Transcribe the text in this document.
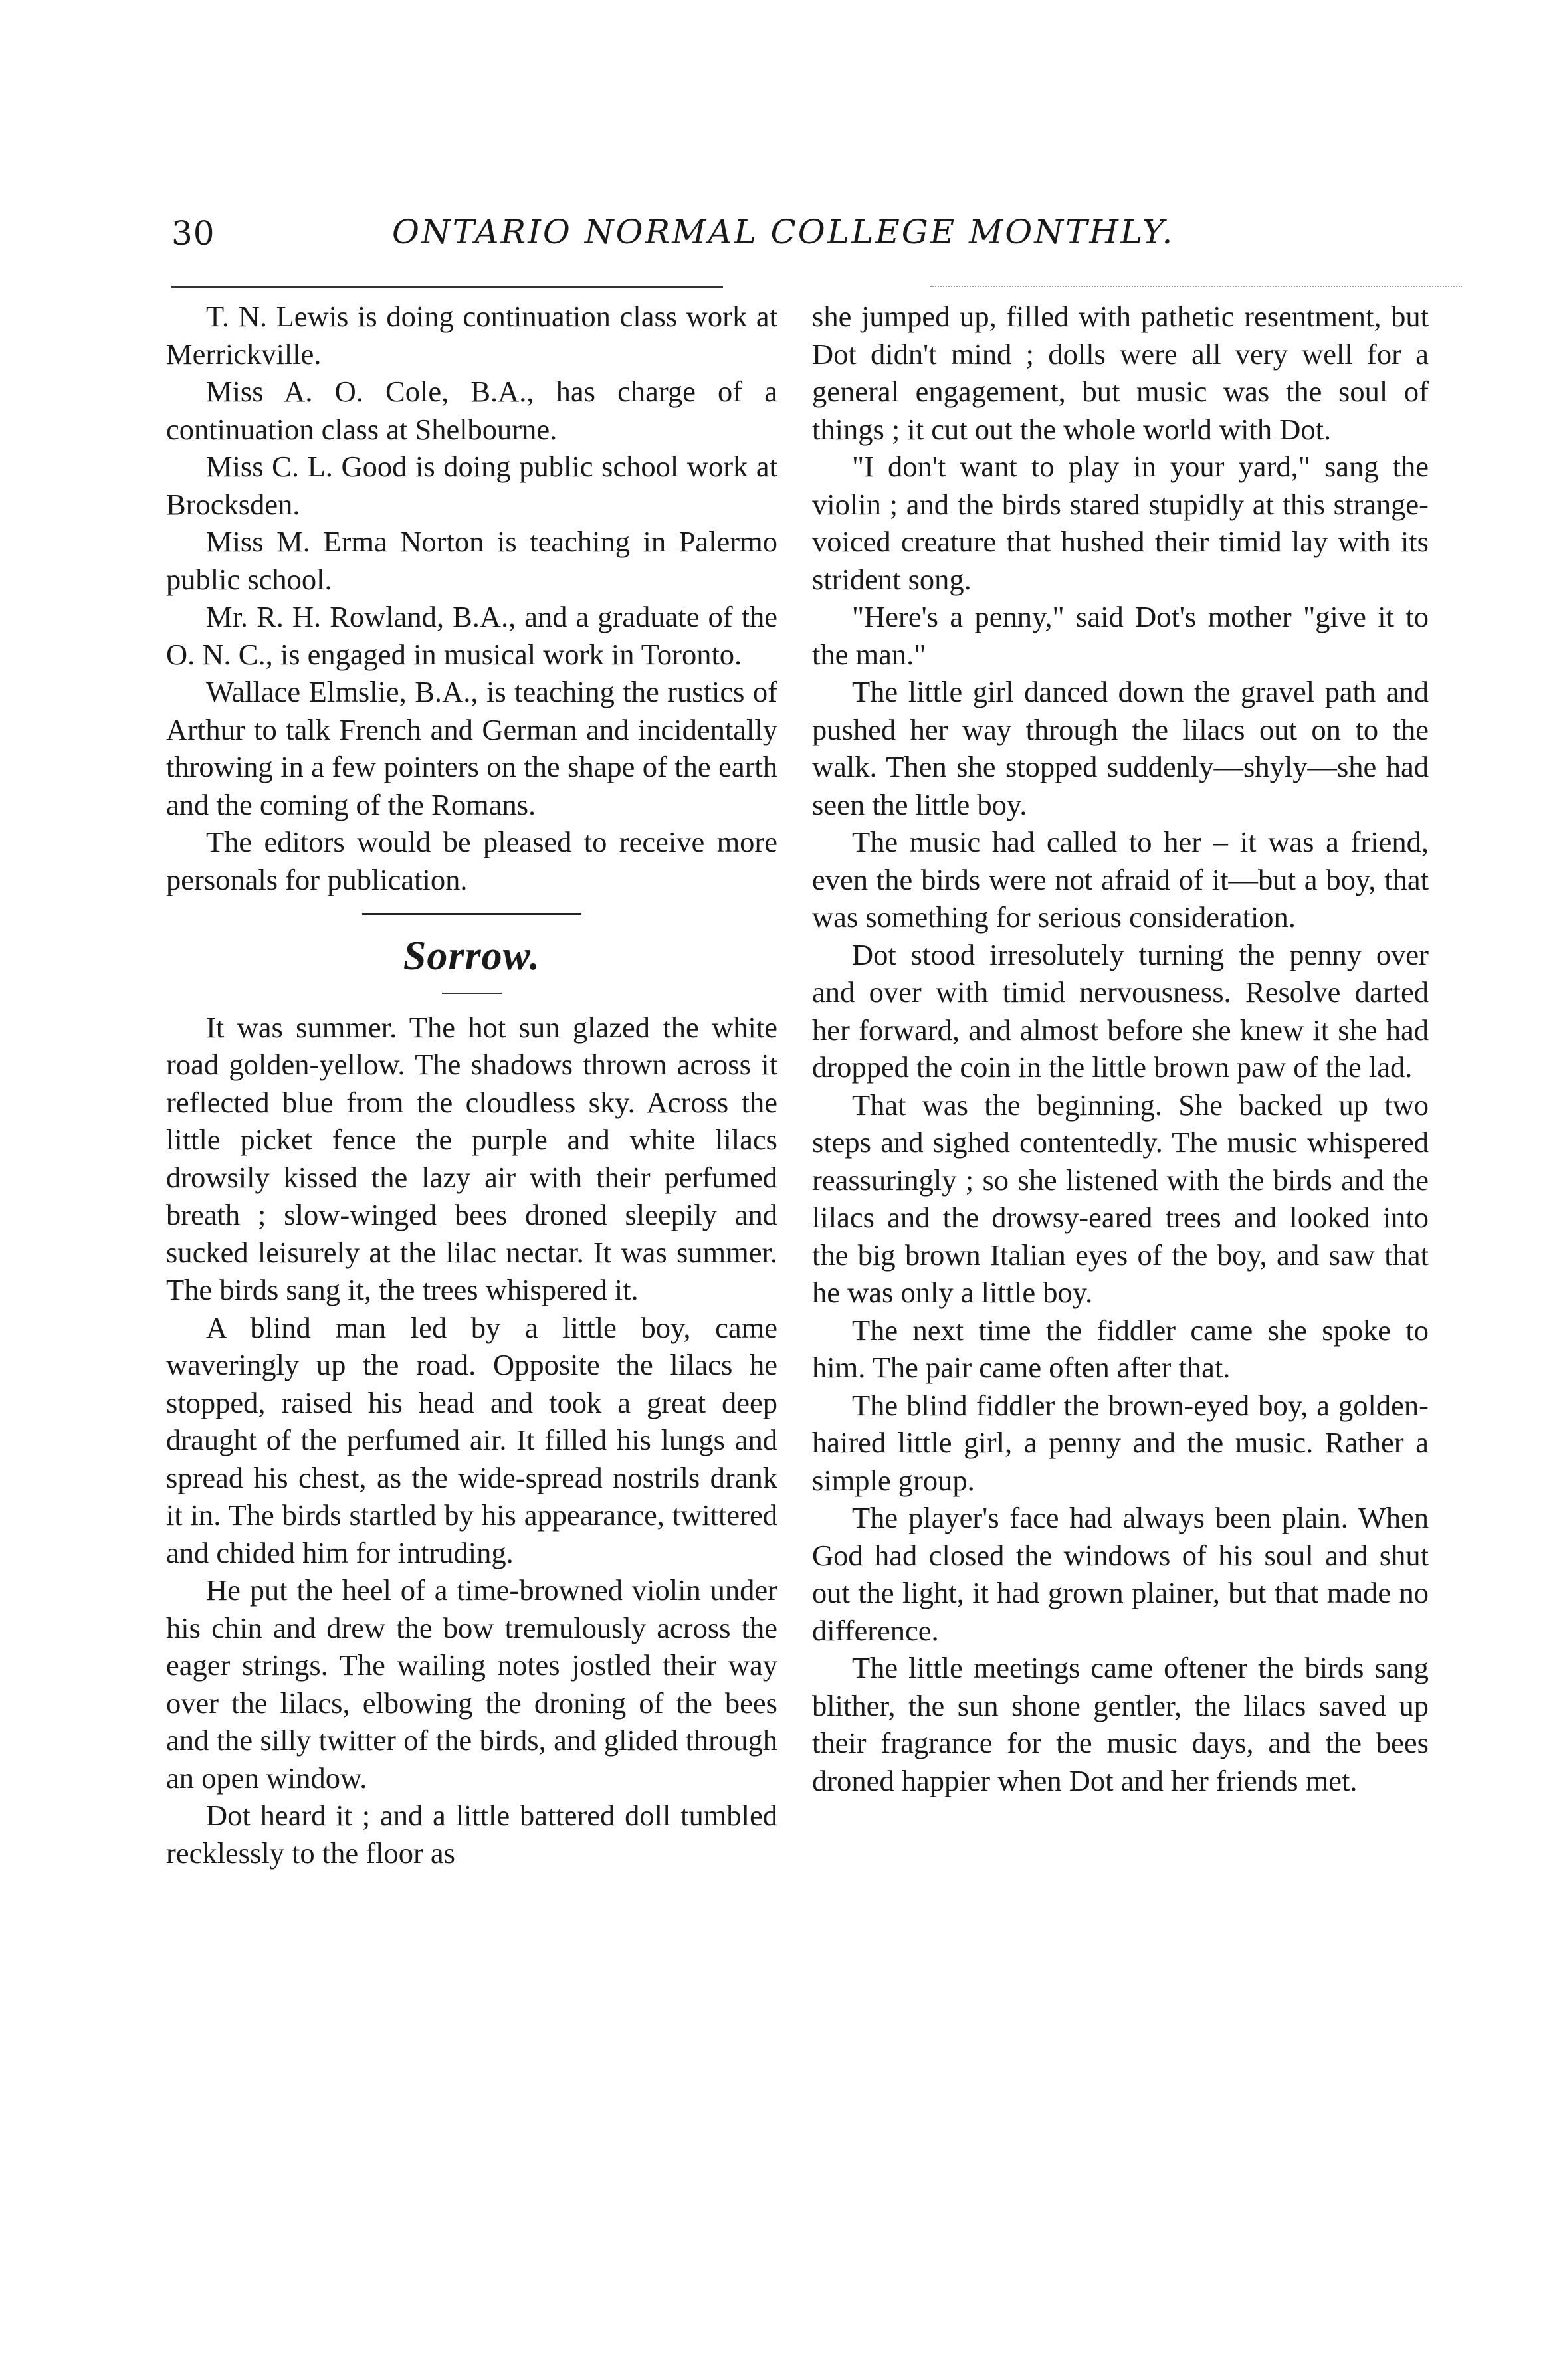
30	ONTARIO NORMAL COLLEGE MONTHLY.

T. N. Lewis is doing continuation class work at Merrickville.

Miss A. O. Cole, B.A., has charge of a continuation class at Shelbourne.

Miss C. L. Good is doing public school work at Brocksden.

Miss M. Erma Norton is teaching in Palermo public school.

Mr. R. H. Rowland, B.A., and a graduate of the O. N. C., is engaged in musical work in Toronto.

Wallace Elmslie, B.A., is teaching the rustics of Arthur to talk French and German and incidentally throwing in a few pointers on the shape of the earth and the coming of the Romans.

The editors would be pleased to receive more personals for publication.

Sorrow.

It was summer. The hot sun glazed the white road golden-yellow. The shadows thrown across it reflected blue from the cloudless sky. Across the little picket fence the purple and white lilacs drowsily kissed the lazy air with their perfumed breath ; slow-winged bees droned sleepily and sucked leisurely at the lilac nectar. It was summer. The birds sang it, the trees whispered it.

A blind man led by a little boy, came waveringly up the road. Opposite the lilacs he stopped, raised his head and took a great deep draught of the perfumed air. It filled his lungs and spread his chest, as the wide-spread nostrils drank it in. The birds startled by his appearance, twittered and chided him for intruding.

He put the heel of a time-browned violin under his chin and drew the bow tremulously across the eager strings. The wailing notes jostled their way over the lilacs, elbowing the droning of the bees and the silly twitter of the birds, and glided through an open window.

Dot heard it ; and a little battered doll tumbled recklessly to the floor as

she jumped up, filled with pathetic resentment, but Dot didn't mind ; dolls were all very well for a general engagement, but music was the soul of things ; it cut out the whole world with Dot.

"I don't want to play in your yard," sang the violin ; and the birds stared stupidly at this strange-voiced creature that hushed their timid lay with its strident song.

"Here's a penny," said Dot's mother "give it to the man."

The little girl danced down the gravel path and pushed her way through the lilacs out on to the walk. Then she stopped suddenly—shyly—she had seen the little boy.

The music had called to her – it was a friend, even the birds were not afraid of it—but a boy, that was something for serious consideration.

Dot stood irresolutely turning the penny over and over with timid nervousness. Resolve darted her forward, and almost before she knew it she had dropped the coin in the little brown paw of the lad.

That was the beginning. She backed up two steps and sighed contentedly. The music whispered reassuringly ; so she listened with the birds and the lilacs and the drowsy-eared trees and looked into the big brown Italian eyes of the boy, and saw that he was only a little boy.

The next time the fiddler came she spoke to him. The pair came often after that.

The blind fiddler the brown-eyed boy, a golden-haired little girl, a penny and the music. Rather a simple group.

The player's face had always been plain. When God had closed the windows of his soul and shut out the light, it had grown plainer, but that made no difference.

The little meetings came oftener the birds sang blither, the sun shone gentler, the lilacs saved up their fragrance for the music days, and the bees droned happier when Dot and her friends met.
